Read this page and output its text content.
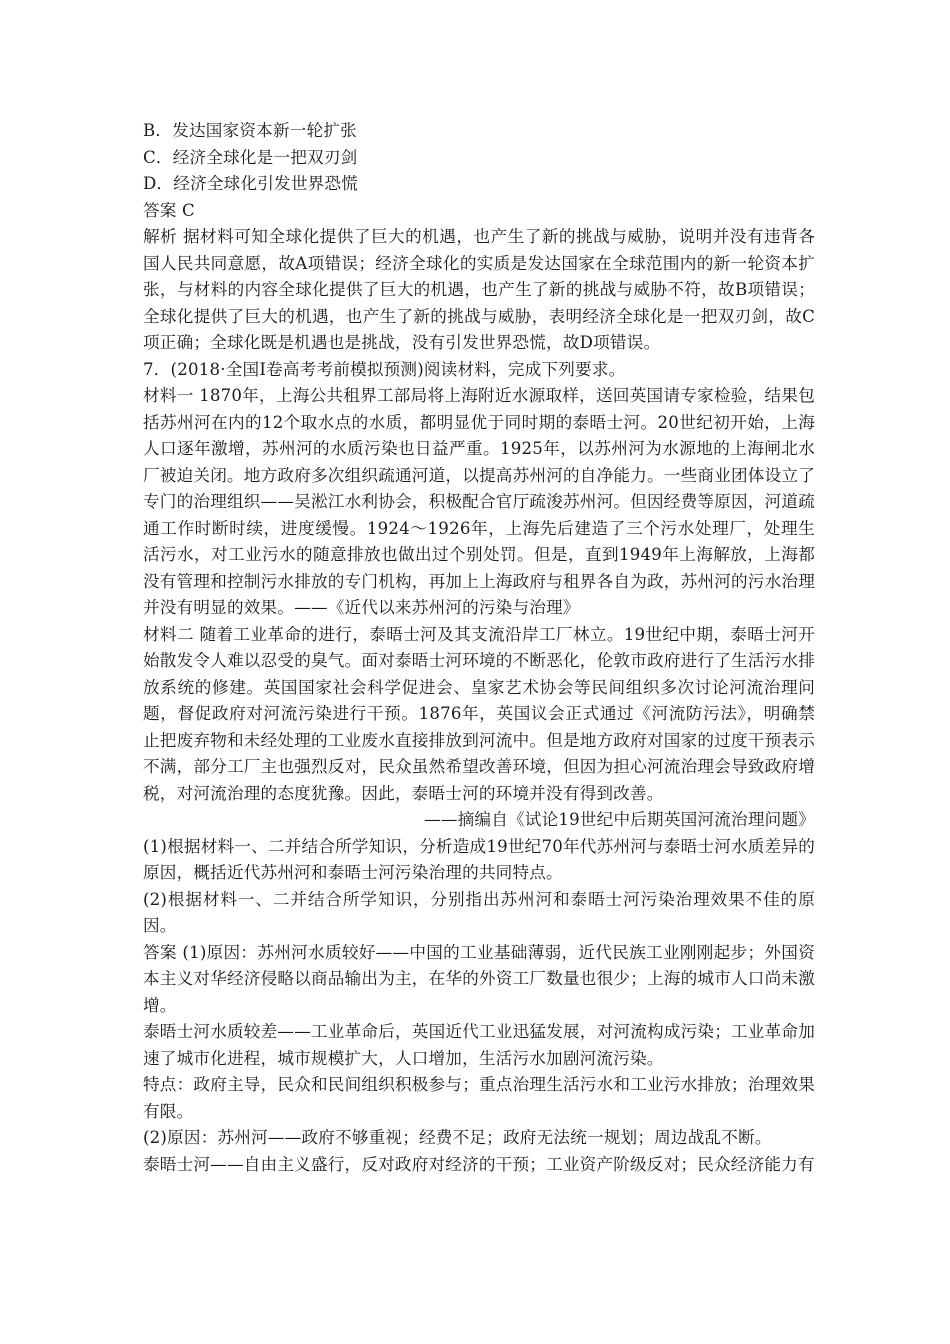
B．发达国家资本新一轮扩张

C．经济全球化是一把双刃剑

D．经济全球化引发世界恐慌

答案 C

解析 据材料可知全球化提供了巨大的机遇，也产生了新的挑战与威胁，说明并没有违背各国人民共同意愿，故A项错误；经济全球化的实质是发达国家在全球范围内的新一轮资本扩张，与材料的内容全球化提供了巨大的机遇，也产生了新的挑战与威胁不符，故B项错误；全球化提供了巨大的机遇，也产生了新的挑战与威胁，表明经济全球化是一把双刃剑，故C项正确；全球化既是机遇也是挑战，没有引发世界恐慌，故D项错误。

7．(2018·全国Ⅰ卷高考考前模拟预测)阅读材料，完成下列要求。

材料一 1870年，上海公共租界工部局将上海附近水源取样，送回英国请专家检验，结果包括苏州河在内的12个取水点的水质，都明显优于同时期的泰晤士河。20世纪初开始，上海人口逐年激增，苏州河的水质污染也日益严重。1925年，以苏州河为水源地的上海闸北水厂被迫关闭。地方政府多次组织疏通河道，以提高苏州河的自净能力。一些商业团体设立了专门的治理组织——吴淞江水利协会，积极配合官厅疏浚苏州河。但因经费等原因，河道疏通工作时断时续，进度缓慢。1924～1926年，上海先后建造了三个污水处理厂，处理生活污水，对工业污水的随意排放也做出过个别处罚。但是，直到1949年上海解放，上海都没有管理和控制污水排放的专门机构，再加上上海政府与租界各自为政，苏州河的污水治理并没有明显的效果。——《近代以来苏州河的污染与治理》

材料二 随着工业革命的进行，泰晤士河及其支流沿岸工厂林立。19世纪中期，泰晤士河开始散发令人难以忍受的臭气。面对泰晤士河环境的不断恶化，伦敦市政府进行了生活污水排放系统的修建。英国国家社会科学促进会、皇家艺术协会等民间组织多次讨论河流治理问题，督促政府对河流污染进行干预。1876年，英国议会正式通过《河流防污法》，明确禁止把废弃物和未经处理的工业废水直接排放到河流中。但是地方政府对国家的过度干预表示不满，部分工厂主也强烈反对，民众虽然希望改善环境，但因为担心河流治理会导致政府增税，对河流治理的态度犹豫。因此，泰晤士河的环境并没有得到改善。

——摘编自《试论19世纪中后期英国河流治理问题》

(1)根据材料一、二并结合所学知识，分析造成19世纪70年代苏州河与泰晤士河水质差异的原因，概括近代苏州河和泰晤士河污染治理的共同特点。

(2)根据材料一、二并结合所学知识，分别指出苏州河和泰晤士河污染治理效果不佳的原因。

答案 (1)原因：苏州河水质较好——中国的工业基础薄弱，近代民族工业刚刚起步；外国资本主义对华经济侵略以商品输出为主，在华的外资工厂数量也很少；上海的城市人口尚未激增。

泰晤士河水质较差——工业革命后，英国近代工业迅猛发展，对河流构成污染；工业革命加速了城市化进程，城市规模扩大，人口增加，生活污水加剧河流污染。

特点：政府主导，民众和民间组织积极参与；重点治理生活污水和工业污水排放；治理效果有限。

(2)原因：苏州河——政府不够重视；经费不足；政府无法统一规划；周边战乱不断。

泰晤士河——自由主义盛行，反对政府对经济的干预；工业资产阶级反对；民众经济能力有
